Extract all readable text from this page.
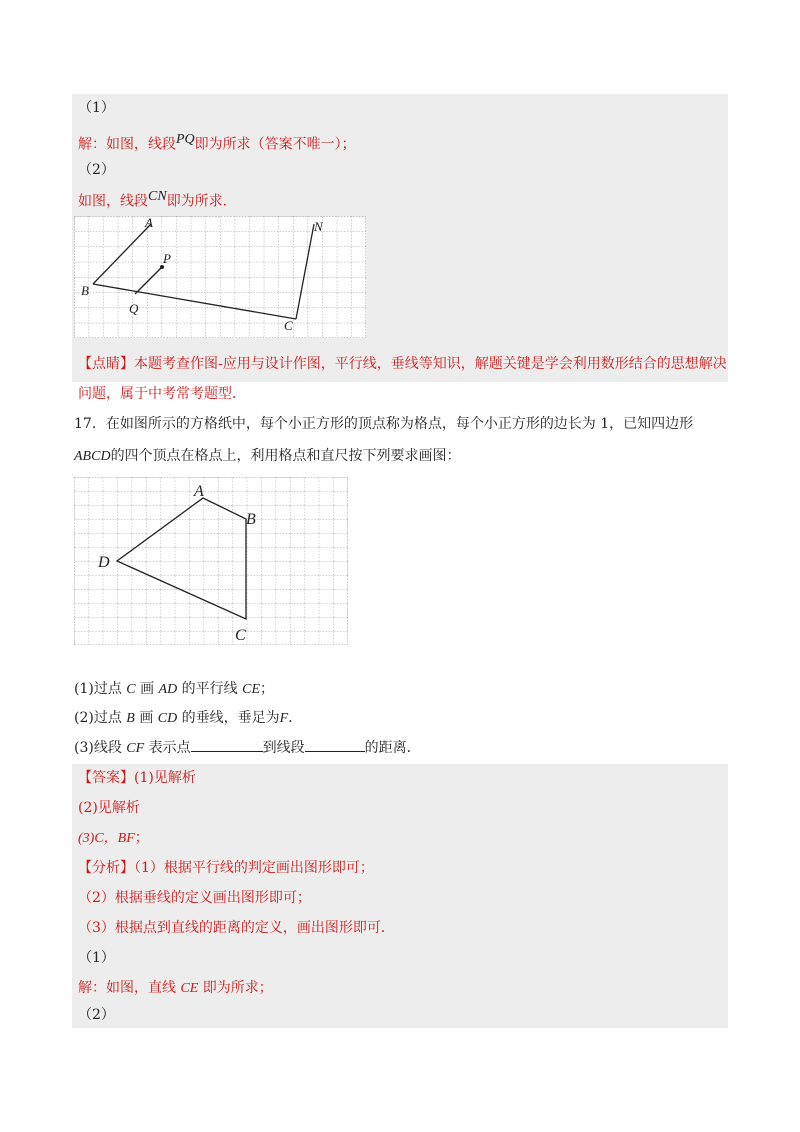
（1）
解：如图，线段$^{PQ}$即为所求（答案不唯一）；
（2）
如图，线段$^{CN}$即为所求．
A
B
C
N
P
Q
【点睛】本题考查作图-应用与设计作图，平行线，垂线等知识，解题关键是学会利用数形结合的思想解决
问题，属于中考常考题型．
17．在如图所示的方格纸中，每个小正方形的顶点称为格点，每个小正方形的边长为 1，已知四边形
ABCD的四个顶点在格点上，利用格点和直尺按下列要求画图：
A
B
C
D
(1)过点 C 画 AD 的平行线 CE；
(2)过点 B 画 CD 的垂线，垂足为F．
(3)线段 CF 表示点	到线段	的距离．
【答案】(1)见解析
(2)见解析
(3)C，BF；
【分析】（1）根据平行线的判定画出图形即可；
（2）根据垂线的定义画出图形即可；
（3）根据点到直线的距离的定义，画出图形即可．
（1）
解：如图，直线 CE 即为所求；
（2）
